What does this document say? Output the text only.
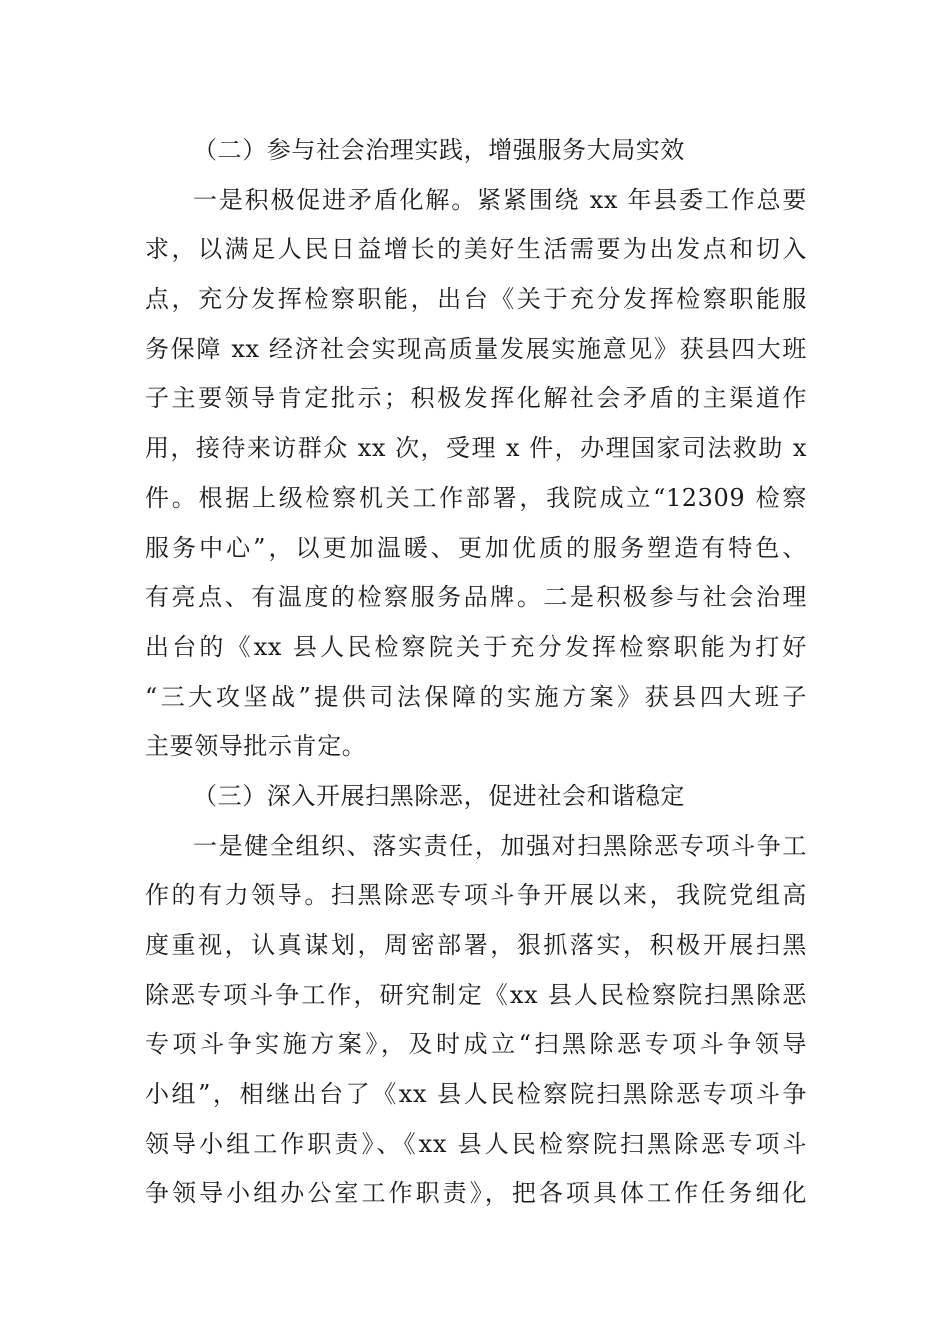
（二）参与社会治理实践，增强服务大局实效
一是积极促进矛盾化解。紧紧围绕 xx 年县委工作总要
求，以满足人民日益增长的美好生活需要为出发点和切入
点，充分发挥检察职能，出台《关于充分发挥检察职能服
务保障 xx 经济社会实现高质量发展实施意见》获县四大班
子主要领导肯定批示；积极发挥化解社会矛盾的主渠道作
用，接待来访群众 xx 次，受理 x 件，办理国家司法救助 x
件。根据上级检察机关工作部署，我院成立“12309 检察
服务中心”，以更加温暖、更加优质的服务塑造有特色、
有亮点、有温度的检察服务品牌。二是积极参与社会治理
出台的《xx 县人民检察院关于充分发挥检察职能为打好
“三大攻坚战”提供司法保障的实施方案》获县四大班子
主要领导批示肯定。
（三）深入开展扫黑除恶，促进社会和谐稳定
一是健全组织、落实责任，加强对扫黑除恶专项斗争工
作的有力领导。扫黑除恶专项斗争开展以来，我院党组高
度重视，认真谋划，周密部署，狠抓落实，积极开展扫黑
除恶专项斗争工作，研究制定《xx 县人民检察院扫黑除恶
专项斗争实施方案》，及时成立“扫黑除恶专项斗争领导
小组”，相继出台了《xx 县人民检察院扫黑除恶专项斗争
领导小组工作职责》、《xx 县人民检察院扫黑除恶专项斗
争领导小组办公室工作职责》，把各项具体工作任务细化
